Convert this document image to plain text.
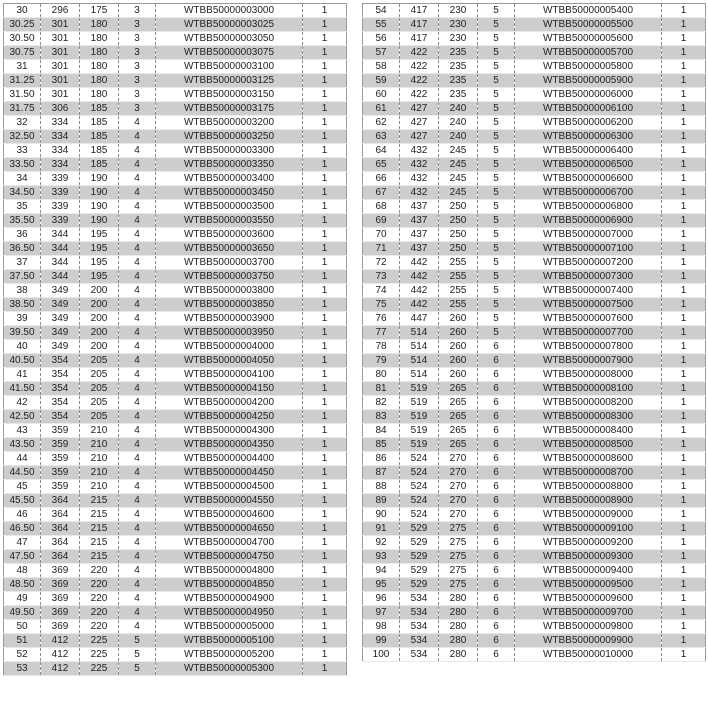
30	296	175	3	WTBB50000003000	1
30.25	301	180	3	WTBB50000003025	1
30.50	301	180	3	WTBB50000003050	1
30.75	301	180	3	WTBB50000003075	1
31	301	180	3	WTBB50000003100	1
31.25	301	180	3	WTBB50000003125	1
31.50	301	180	3	WTBB50000003150	1
31.75	306	185	3	WTBB50000003175	1
32	334	185	4	WTBB50000003200	1
32.50	334	185	4	WTBB50000003250	1
33	334	185	4	WTBB50000003300	1
33.50	334	185	4	WTBB50000003350	1
34	339	190	4	WTBB50000003400	1
34.50	339	190	4	WTBB50000003450	1
35	339	190	4	WTBB50000003500	1
35.50	339	190	4	WTBB50000003550	1
36	344	195	4	WTBB50000003600	1
36.50	344	195	4	WTBB50000003650	1
37	344	195	4	WTBB50000003700	1
37.50	344	195	4	WTBB50000003750	1
38	349	200	4	WTBB50000003800	1
38.50	349	200	4	WTBB50000003850	1
39	349	200	4	WTBB50000003900	1
39.50	349	200	4	WTBB50000003950	1
40	349	200	4	WTBB50000004000	1
40.50	354	205	4	WTBB50000004050	1
41	354	205	4	WTBB50000004100	1
41.50	354	205	4	WTBB50000004150	1
42	354	205	4	WTBB50000004200	1
42.50	354	205	4	WTBB50000004250	1
43	359	210	4	WTBB50000004300	1
43.50	359	210	4	WTBB50000004350	1
44	359	210	4	WTBB50000004400	1
44.50	359	210	4	WTBB50000004450	1
45	359	210	4	WTBB50000004500	1
45.50	364	215	4	WTBB50000004550	1
46	364	215	4	WTBB50000004600	1
46.50	364	215	4	WTBB50000004650	1
47	364	215	4	WTBB50000004700	1
47.50	364	215	4	WTBB50000004750	1
48	369	220	4	WTBB50000004800	1
48.50	369	220	4	WTBB50000004850	1
49	369	220	4	WTBB50000004900	1
49.50	369	220	4	WTBB50000004950	1
50	369	220	4	WTBB50000005000	1
51	412	225	5	WTBB50000005100	1
52	412	225	5	WTBB50000005200	1
53	412	225	5	WTBB50000005300	1
54	417	230	5	WTBB50000005400	1
55	417	230	5	WTBB50000005500	1
56	417	230	5	WTBB50000005600	1
57	422	235	5	WTBB50000005700	1
58	422	235	5	WTBB50000005800	1
59	422	235	5	WTBB50000005900	1
60	422	235	5	WTBB50000006000	1
61	427	240	5	WTBB50000006100	1
62	427	240	5	WTBB50000006200	1
63	427	240	5	WTBB50000006300	1
64	432	245	5	WTBB50000006400	1
65	432	245	5	WTBB50000006500	1
66	432	245	5	WTBB50000006600	1
67	432	245	5	WTBB50000006700	1
68	437	250	5	WTBB50000006800	1
69	437	250	5	WTBB50000006900	1
70	437	250	5	WTBB50000007000	1
71	437	250	5	WTBB50000007100	1
72	442	255	5	WTBB50000007200	1
73	442	255	5	WTBB50000007300	1
74	442	255	5	WTBB50000007400	1
75	442	255	5	WTBB50000007500	1
76	447	260	5	WTBB50000007600	1
77	514	260	5	WTBB50000007700	1
78	514	260	6	WTBB50000007800	1
79	514	260	6	WTBB50000007900	1
80	514	260	6	WTBB50000008000	1
81	519	265	6	WTBB50000008100	1
82	519	265	6	WTBB50000008200	1
83	519	265	6	WTBB50000008300	1
84	519	265	6	WTBB50000008400	1
85	519	265	6	WTBB50000008500	1
86	524	270	6	WTBB50000008600	1
87	524	270	6	WTBB50000008700	1
88	524	270	6	WTBB50000008800	1
89	524	270	6	WTBB50000008900	1
90	524	270	6	WTBB50000009000	1
91	529	275	6	WTBB50000009100	1
92	529	275	6	WTBB50000009200	1
93	529	275	6	WTBB50000009300	1
94	529	275	6	WTBB50000009400	1
95	529	275	6	WTBB50000009500	1
96	534	280	6	WTBB50000009600	1
97	534	280	6	WTBB50000009700	1
98	534	280	6	WTBB50000009800	1
99	534	280	6	WTBB50000009900	1
100	534	280	6	WTBB50000010000	1
